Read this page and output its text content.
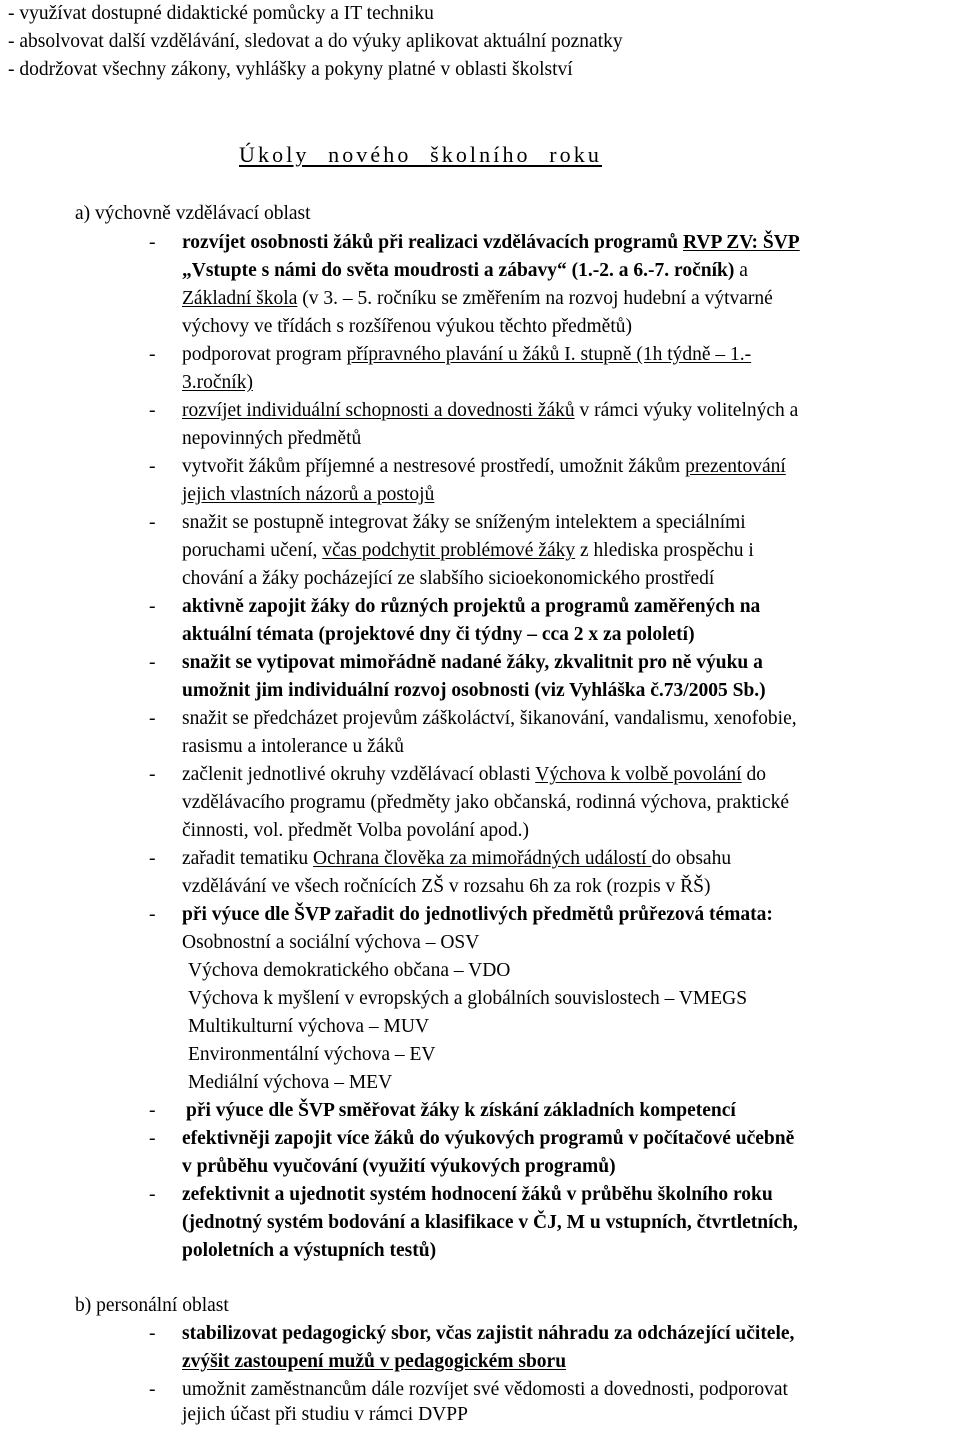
- využívat dostupné didaktické pomůcky a IT techniku
- absolvovat další vzdělávání, sledovat a do výuky aplikovat aktuální poznatky
- dodržovat všechny zákony, vyhlášky a pokyny platné v oblasti školství
Úkoly nového školního roku
a) výchovně vzdělávací oblast
- rozvíjet osobnosti žáků při realizaci vzdělávacích programů RVP ZV: ŠVP
„Vstupte s námi do světa moudrosti a zábavy“ (1.-2. a 6.-7. ročník) a
Základní škola (v 3. – 5. ročníku se změřením na rozvoj hudební a výtvarné
výchovy ve třídách s rozšířenou výukou těchto předmětů)
- podporovat program přípravného plavání u žáků I. stupně (1h týdně – 1.-
3.ročník)
- rozvíjet individuální schopnosti a dovednosti žáků v rámci výuky volitelných a
nepovinných předmětů
- vytvořit žákům příjemné a nestresové prostředí, umožnit žákům prezentování
jejich vlastních názorů a postojů
- snažit se postupně integrovat žáky se sníženým intelektem a speciálními
poruchami učení, včas podchytit problémové žáky z hlediska prospěchu i
chování a žáky pocházející ze slabšího sicioekonomického prostředí
- aktivně zapojit žáky do různých projektů a programů zaměřených na
aktuální témata (projektové dny či týdny – cca 2 x za pololetí)
- snažit se vytipovat mimořádně nadané žáky, zkvalitnit pro ně výuku a
umožnit jim individuální rozvoj osobnosti (viz Vyhláška č.73/2005 Sb.)
- snažit se předcházet projevům záškoláctví, šikanování, vandalismu, xenofobie,
rasismu a intolerance u žáků
- začlenit jednotlivé okruhy vzdělávací oblasti Výchova k volbě povolání do
vzdělávacího programu (předměty jako občanská, rodinná výchova, praktické
činnosti, vol. předmět Volba povolání apod.)
- zařadit tematiku Ochrana člověka za mimořádných událostí do obsahu
vzdělávání ve všech ročnících ZŠ v rozsahu 6h za rok (rozpis v ŘŠ)
- při výuce dle ŠVP zařadit do jednotlivých předmětů průřezová témata:
Osobnostní a sociální výchova – OSV
Výchova demokratického občana – VDO
Výchova k myšlení v evropských a globálních souvislostech – VMEGS
Multikulturní výchova – MUV
Environmentální výchova – EV
Mediální výchova – MEV
- při výuce dle ŠVP směřovat žáky k získání základních kompetencí
- efektivněji zapojit více žáků do výukových programů v počítačové učebně
v průběhu vyučování (využití výukových programů)
- zefektivnit a ujednotit systém hodnocení žáků v průběhu školního roku
(jednotný systém bodování a klasifikace v ČJ, M u vstupních, čtvrtletních,
pololetních a výstupních testů)
b) personální oblast
- stabilizovat pedagogický sbor, včas zajistit náhradu za odcházející učitele,
zvýšit zastoupení mužů v pedagogickém sboru
- umožnit zaměstnancům dále rozvíjet své vědomosti a dovednosti, podporovat
jejich účast při studiu v rámci DVPP
